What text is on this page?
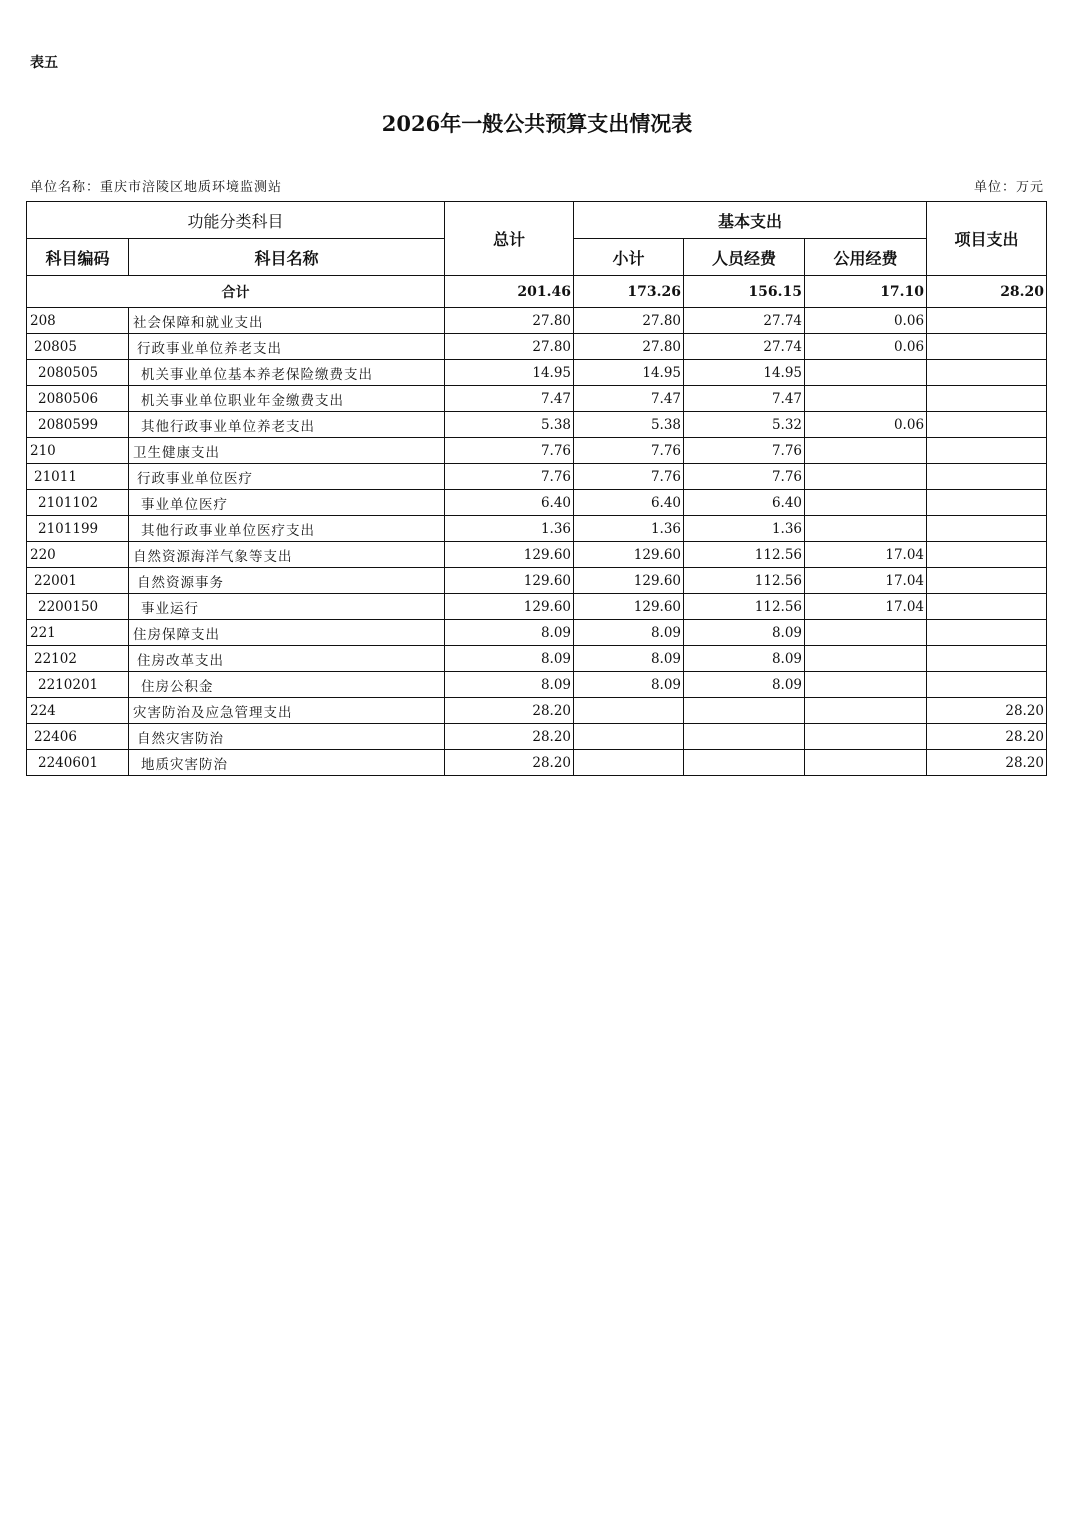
表五
2026年一般公共预算支出情况表
单位名称：重庆市涪陵区地质环境监测站	单位：万元
功能分类科目		总计	基本支出			项目支出
科目编码	科目名称		小计	人员经费	公用经费	
合计		201.46	173.26	156.15	17.10	28.20
208	社会保障和就业支出	27.80	27.80	27.74	0.06	
20805	行政事业单位养老支出	27.80	27.80	27.74	0.06	
2080505	机关事业单位基本养老保险缴费支出	14.95	14.95	14.95		
2080506	机关事业单位职业年金缴费支出	7.47	7.47	7.47		
2080599	其他行政事业单位养老支出	5.38	5.38	5.32	0.06	
210	卫生健康支出	7.76	7.76	7.76		
21011	行政事业单位医疗	7.76	7.76	7.76		
2101102	事业单位医疗	6.40	6.40	6.40		
2101199	其他行政事业单位医疗支出	1.36	1.36	1.36		
220	自然资源海洋气象等支出	129.60	129.60	112.56	17.04	
22001	自然资源事务	129.60	129.60	112.56	17.04	
2200150	事业运行	129.60	129.60	112.56	17.04	
221	住房保障支出	8.09	8.09	8.09		
22102	住房改革支出	8.09	8.09	8.09		
2210201	住房公积金	8.09	8.09	8.09		
224	灾害防治及应急管理支出	28.20				28.20
22406	自然灾害防治	28.20				28.20
2240601	地质灾害防治	28.20				28.20
